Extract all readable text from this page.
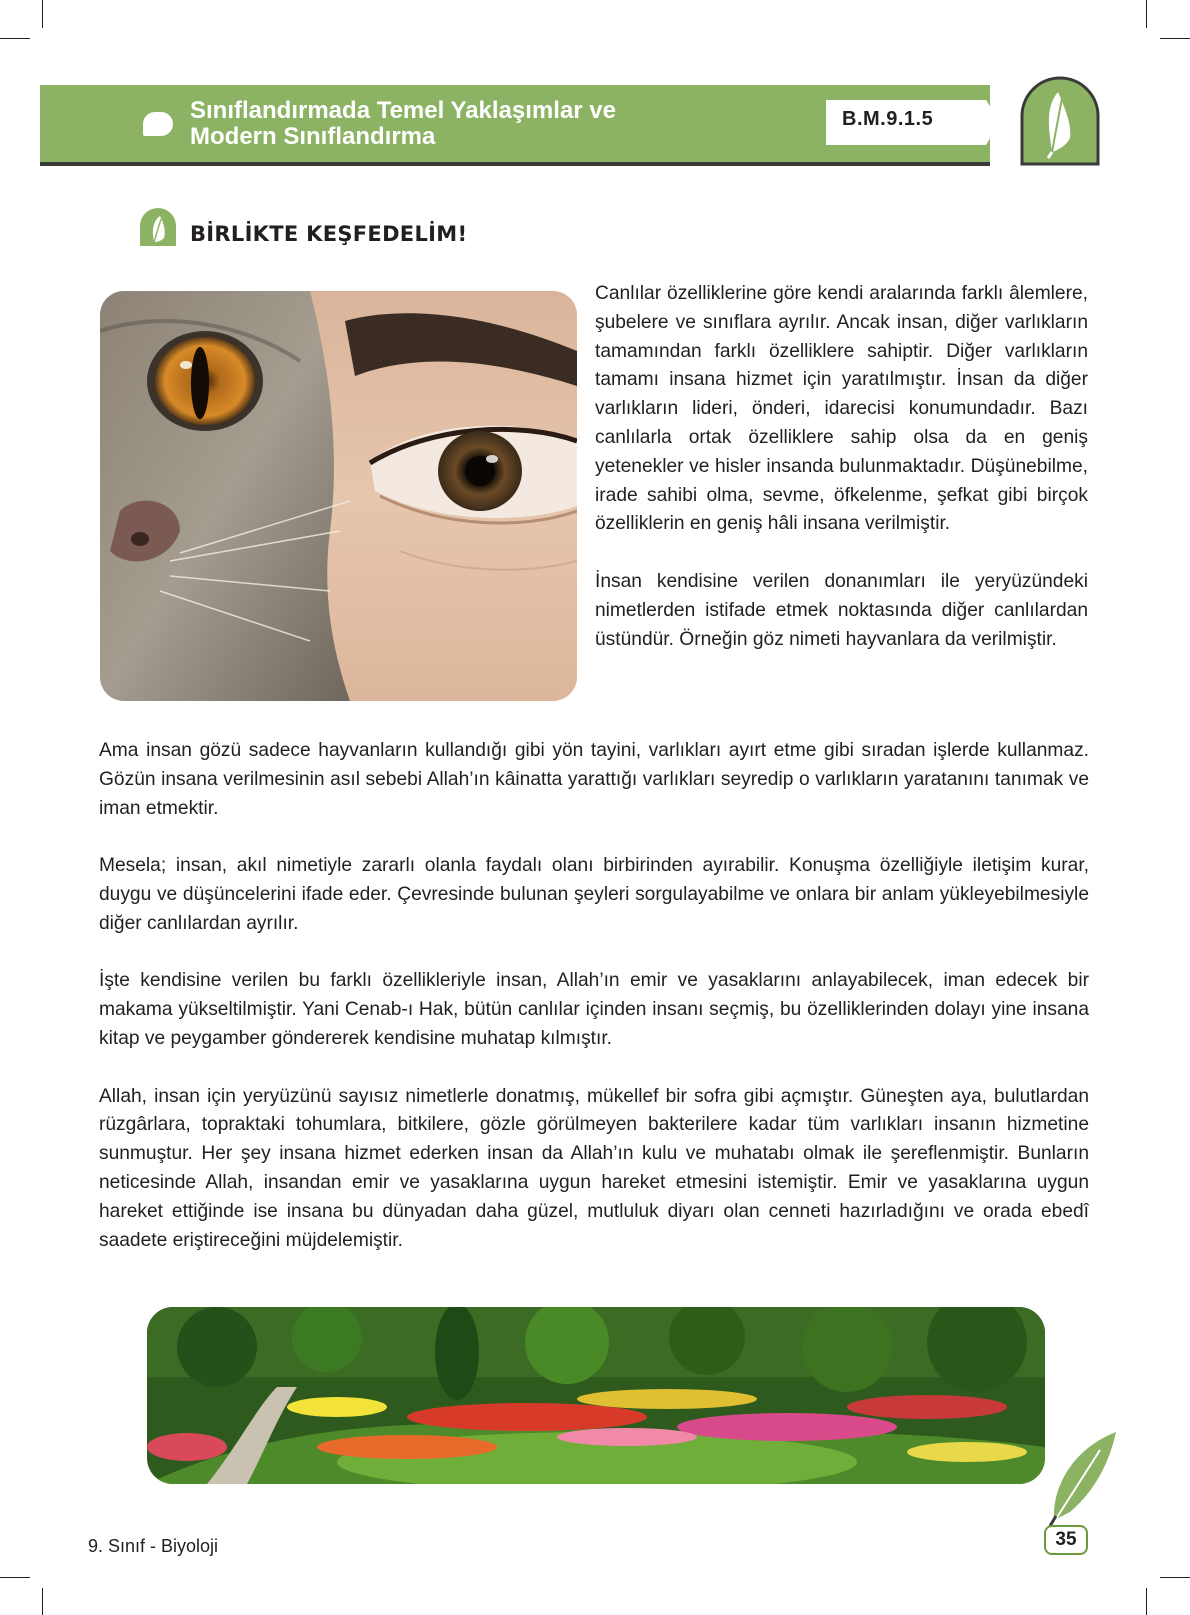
Sınıflandırmada Temel Yaklaşımlar ve
Modern Sınıflandırma
B.M.9.1.5
BİRLİKTE KEŞFEDELİM!

Canlılar özelliklerine göre kendi aralarında farklı âlemlere, şubelere ve sınıflara ayrılır. Ancak insan, diğer varlıkların tamamından farklı özelliklere sahiptir. Diğer varlıkların tamamı insana hizmet için yaratılmıştır. İnsan da diğer varlıkların lideri, önderi, idarecisi konumundadır. Bazı canlılarla ortak özelliklere sahip olsa da en geniş yetenekler ve hisler insanda bulunmaktadır. Düşünebilme, irade sahibi olma, sevme, öfkelenme, şefkat gibi birçok özelliklerin en geniş hâli insana verilmiştir.

İnsan kendisine verilen donanımları ile yeryüzündeki nimetlerden istifade etmek noktasında diğer canlılardan üstündür. Örneğin göz nimeti hayvanlara da verilmiştir.

Ama insan gözü sadece hayvanların kullandığı gibi yön tayini, varlıkları ayırt etme gibi sıradan işlerde kullanmaz. Gözün insana verilmesinin asıl sebebi Allah’ın kâinatta yarattığı varlıkları seyredip o varlıkların yaratanını tanımak ve iman etmektir.

Mesela; insan, akıl nimetiyle zararlı olanla faydalı olanı birbirinden ayırabilir. Konuşma özelliğiyle iletişim kurar, duygu ve düşüncelerini ifade eder. Çevresinde bulunan şeyleri sorgulayabilme ve onlara bir anlam yükleyebilmesiyle diğer canlılardan ayrılır.

İşte kendisine verilen bu farklı özellikleriyle insan, Allah’ın emir ve yasaklarını anlayabilecek, iman edecek bir makama yükseltilmiştir. Yani Cenab-ı Hak, bütün canlılar içinden insanı seçmiş, bu özelliklerinden dolayı yine insana kitap ve peygamber göndererek kendisine muhatap kılmıştır.

Allah, insan için yeryüzünü sayısız nimetlerle donatmış, mükellef bir sofra gibi açmıştır. Güneşten aya, bulutlardan rüzgârlara, topraktaki tohumlara, bitkilere, gözle görülmeyen bakterilere kadar tüm varlıkları insanın hizmetine sunmuştur. Her şey insana hizmet ederken insan da Allah’ın kulu ve muhatabı olmak ile şereflenmiştir. Bunların neticesinde Allah, insandan emir ve yasaklarına uygun hareket etmesini istemiştir. Emir ve yasaklarına uygun hareket ettiğinde ise insana bu dünyadan daha güzel, mutluluk diyarı olan cenneti hazırladığını ve orada ebedî saadete eriştireceğini müjdelemiştir.

9. Sınıf - Biyoloji	35
